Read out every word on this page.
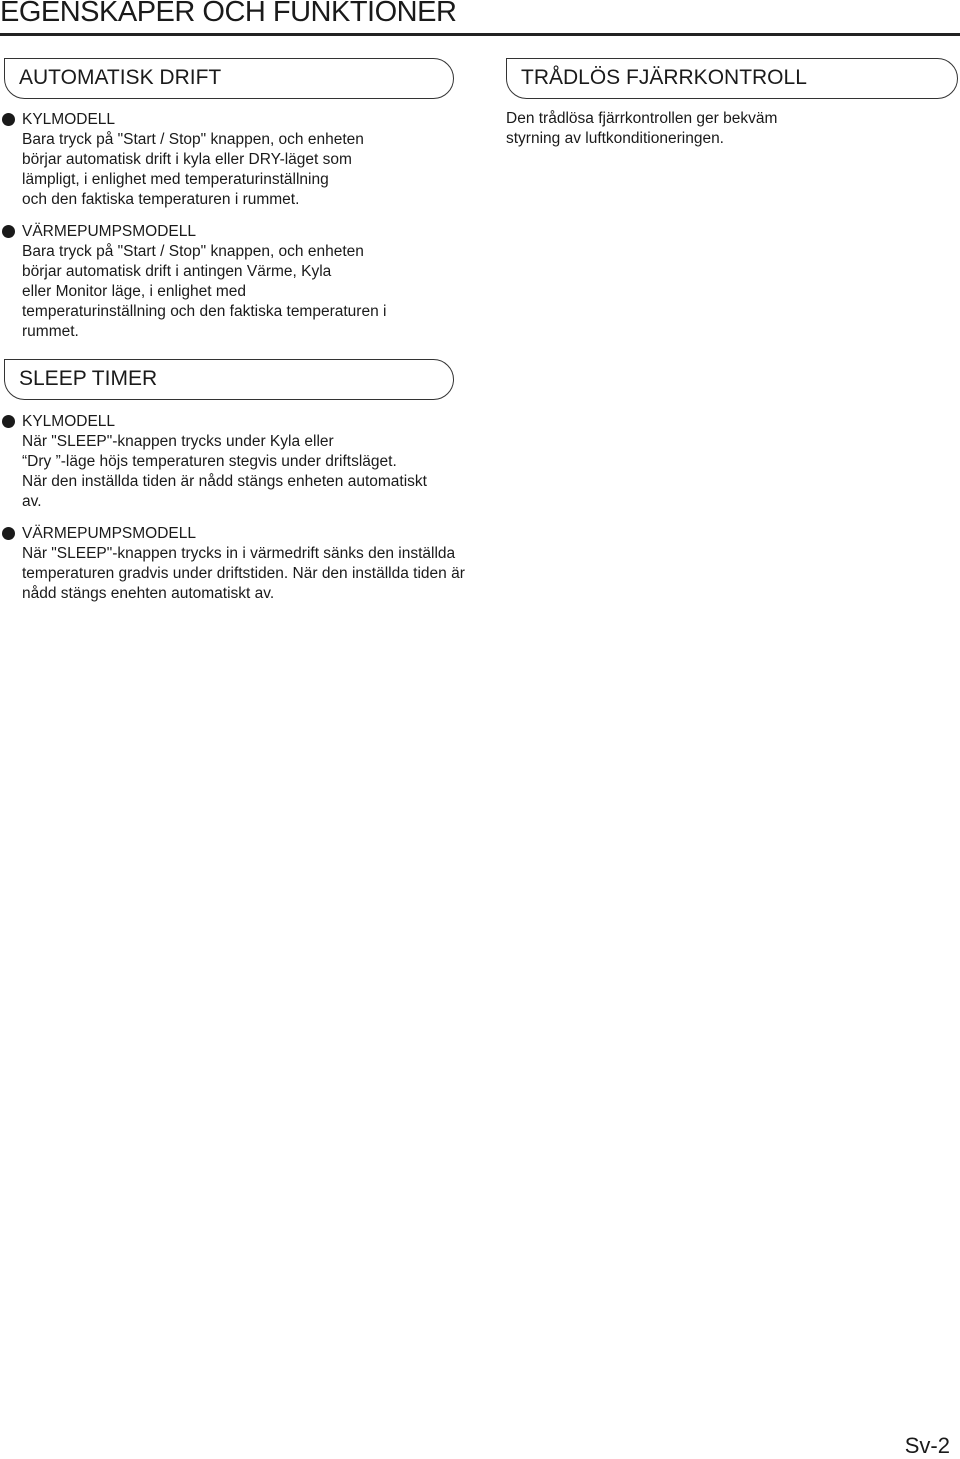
EGENSKAPER OCH FUNKTIONER
AUTOMATISK DRIFT
KYLMODELL
Bara tryck på "Start / Stop" knappen, och enheten
börjar automatisk drift i kyla eller DRY-läget som
lämpligt, i enlighet med temperaturinställning
och den faktiska temperaturen i rummet.
VÄRMEPUMPSMODELL
Bara tryck på "Start / Stop" knappen, och enheten
börjar automatisk drift i antingen Värme, Kyla
eller Monitor läge, i enlighet med
temperaturinställning och den faktiska temperaturen i
rummet.
TRÅDLÖS FJÄRRKONTROLL
Den trådlösa fjärrkontrollen ger bekväm
styrning av luftkonditioneringen.
SLEEP TIMER
KYLMODELL
När "SLEEP"-knappen trycks under Kyla eller
“Dry ”-läge höjs temperaturen stegvis under driftsläget.
När den inställda tiden är nådd stängs enheten automatiskt
av.
VÄRMEPUMPSMODELL
När "SLEEP"-knappen trycks in i värmedrift sänks den inställda
temperaturen gradvis under driftstiden. När den inställda tiden är
nådd stängs enehten automatiskt av.
Sv-2
